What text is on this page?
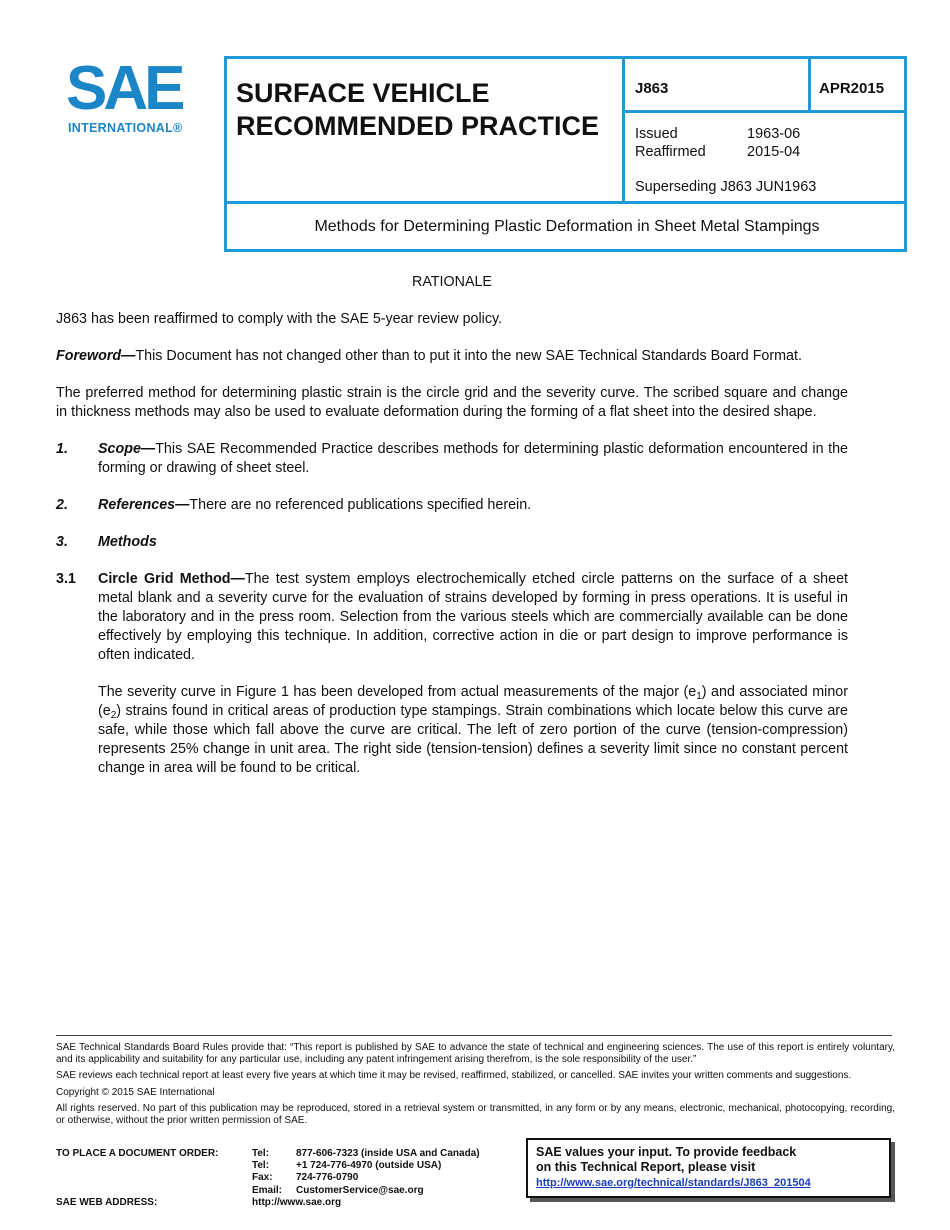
SAE
INTERNATIONAL®
SURFACE VEHICLE RECOMMENDED PRACTICE
J863	APR2015
Issued	1963-06
Reaffirmed	2015-04
Superseding J863 JUN1963
Methods for Determining Plastic Deformation in Sheet Metal Stampings

RATIONALE

J863 has been reaffirmed to comply with the SAE 5-year review policy.

Foreword—This Document has not changed other than to put it into the new SAE Technical Standards Board Format.

The preferred method for determining plastic strain is the circle grid and the severity curve. The scribed square and change in thickness methods may also be used to evaluate deformation during the forming of a flat sheet into the desired shape.

1.	Scope—This SAE Recommended Practice describes methods for determining plastic deformation encountered in the forming or drawing of sheet steel.
2.	References—There are no referenced publications specified herein.
3.	Methods
3.1	Circle Grid Method—The test system employs electrochemically etched circle patterns on the surface of a sheet metal blank and a severity curve for the evaluation of strains developed by forming in press operations. It is useful in the laboratory and in the press room. Selection from the various steels which are commercially available can be done effectively by employing this technique. In addition, corrective action in die or part design to improve performance is often indicated.

The severity curve in Figure 1 has been developed from actual measurements of the major $(e_1)$ and associated minor $(e_2)$ strains found in critical areas of production type stampings. Strain combinations which locate below this curve are safe, while those which fall above the curve are critical. The left of zero portion of the curve (tension-compression) represents 25% change in unit area. The right side (tension-tension) defines a severity limit since no constant percent change in area will be found to be critical.

SAE Technical Standards Board Rules provide that: “This report is published by SAE to advance the state of technical and engineering sciences. The use of this report is entirely voluntary, and its applicability and suitability for any particular use, including any patent infringement arising therefrom, is the sole responsibility of the user.”

SAE reviews each technical report at least every five years at which time it may be revised, reaffirmed, stabilized, or cancelled. SAE invites your written comments and suggestions.

Copyright © 2015 SAE International

All rights reserved. No part of this publication may be reproduced, stored in a retrieval system or transmitted, in any form or by any means, electronic, mechanical, photocopying, recording, or otherwise, without the prior written permission of SAE.

TO PLACE A DOCUMENT ORDER:	Tel:	877-606-7323 (inside USA and Canada)
Tel:	+1 724-776-4970 (outside USA)
Fax:	724-776-0790
Email:	CustomerService@sae.org
SAE WEB ADDRESS:	http://www.sae.org
SAE values your input. To provide feedback
on this Technical Report, please visit
http://www.sae.org/technical/standards/J863_201504
